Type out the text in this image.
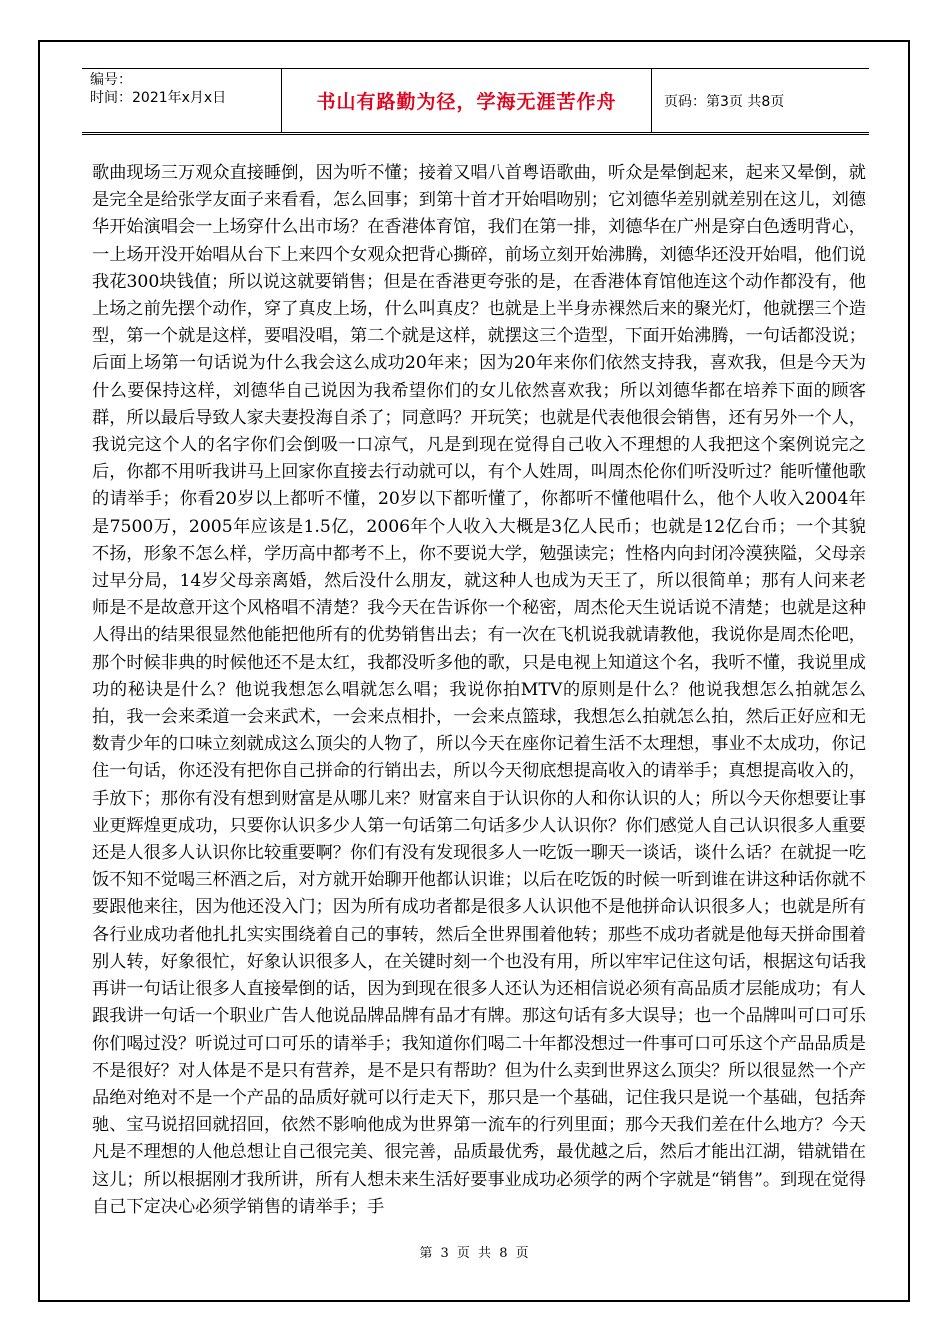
编号：
时间：2021年x月x日	书山有路勤为径，学海无涯苦作舟	页码：第3页 共8页

歌曲现场三万观众直接睡倒，因为听不懂；接着又唱八首粤语歌曲，听众是晕倒起来，起来又晕倒，就是完全是给张学友面子来看看，怎么回事；到第十首才开始唱吻别；它刘德华差别就差别在这儿，刘德华开始演唱会一上场穿什么出市场？在香港体育馆，我们在第一排，刘德华在广州是穿白色透明背心，一上场开没开始唱从台下上来四个女观众把背心撕碎，前场立刻开始沸腾，刘德华还没开始唱，他们说我花300块钱值；所以说这就要销售；但是在香港更夸张的是，在香港体育馆他连这个动作都没有，他上场之前先摆个动作，穿了真皮上场，什么叫真皮？也就是上半身赤裸然后来的聚光灯，他就摆三个造型，第一个就是这样，要唱没唱，第二个就是这样，就摆这三个造型，下面开始沸腾，一句话都没说；后面上场第一句话说为什么我会这么成功20年来；因为20年来你们依然支持我，喜欢我，但是今天为什么要保持这样，刘德华自己说因为我希望你们的女儿依然喜欢我；所以刘德华都在培养下面的顾客群，所以最后导致人家夫妻投海自杀了；同意吗？开玩笑；也就是代表他很会销售，还有另外一个人，我说完这个人的名字你们会倒吸一口凉气，凡是到现在觉得自己收入不理想的人我把这个案例说完之后，你都不用听我讲马上回家你直接去行动就可以，有个人姓周，叫周杰伦你们听没听过？能听懂他歌的请举手；你看20岁以上都听不懂，20岁以下都听懂了，你都听不懂他唱什么，他个人收入2004年是7500万，2005年应该是1.5亿，2006年个人收入大概是3亿人民币；也就是12亿台币；一个其貌不扬，形象不怎么样，学历高中都考不上，你不要说大学，勉强读完；性格内向封闭冷漠狭隘，父母亲过早分局，14岁父母亲离婚，然后没什么朋友，就这种人也成为天王了，所以很简单；那有人问来老师是不是故意开这个风格唱不清楚？我今天在告诉你一个秘密，周杰伦天生说话说不清楚；也就是这种人得出的结果很显然他能把他所有的优势销售出去；有一次在飞机说我就请教他，我说你是周杰伦吧，那个时候非典的时候他还不是太红，我都没听多他的歌，只是电视上知道这个名，我听不懂，我说里成功的秘诀是什么？他说我想怎么唱就怎么唱；我说你拍MTV的原则是什么？他说我想怎么拍就怎么拍，我一会来柔道一会来武术，一会来点相扑，一会来点篮球，我想怎么拍就怎么拍，然后正好应和无数青少年的口味立刻就成这么顶尖的人物了，所以今天在座你记着生活不太理想，事业不太成功，你记住一句话，你还没有把你自己拼命的行销出去，所以今天彻底想提高收入的请举手；真想提高收入的，手放下；那你有没有想到财富是从哪儿来？财富来自于认识你的人和你认识的人；所以今天你想要让事业更辉煌更成功，只要你认识多少人第一句话第二句话多少人认识你？你们感觉人自己认识很多人重要还是人很多人认识你比较重要啊？你们有没有发现很多人一吃饭一聊天一谈话，谈什么话？在就捉一吃饭不知不觉喝三杯酒之后，对方就开始聊开他都认识谁；以后在吃饭的时候一听到谁在讲这种话你就不要跟他来往，因为他还没入门；因为所有成功者都是很多人认识他不是他拼命认识很多人；也就是所有各行业成功者他扎扎实实围绕着自己的事转，然后全世界围着他转；那些不成功者就是他每天拼命围着别人转，好象很忙，好象认识很多人，在关键时刻一个也没有用，所以牢牢记住这句话，根据这句话我再讲一句话让很多人直接晕倒的话，因为到现在很多人还认为还相信说必须有高品质才层能成功；有人跟我讲一句话一个职业广告人他说品牌品牌有品才有牌。那这句话有多大误导；也一个品牌叫可口可乐你们喝过没？听说过可口可乐的请举手；我知道你们喝二十年都没想过一件事可口可乐这个产品品质是不是很好？对人体是不是只有营养，是不是只有帮助？但为什么卖到世界这么顶尖？所以很显然一个产品绝对绝对不是一个产品的品质好就可以行走天下，那只是一个基础，记住我只是说一个基础，包括奔驰、宝马说招回就招回，依然不影响他成为世界第一流车的行列里面；那今天我们差在什么地方？今天凡是不理想的人他总想让自己很完美、很完善，品质最优秀，最优越之后，然后才能出江湖，错就错在这儿；所以根据刚才我所讲，所有人想未来生活好要事业成功必须学的两个字就是“销售”。到现在觉得自己下定决心必须学销售的请举手；手

第 3 页 共 8 页
